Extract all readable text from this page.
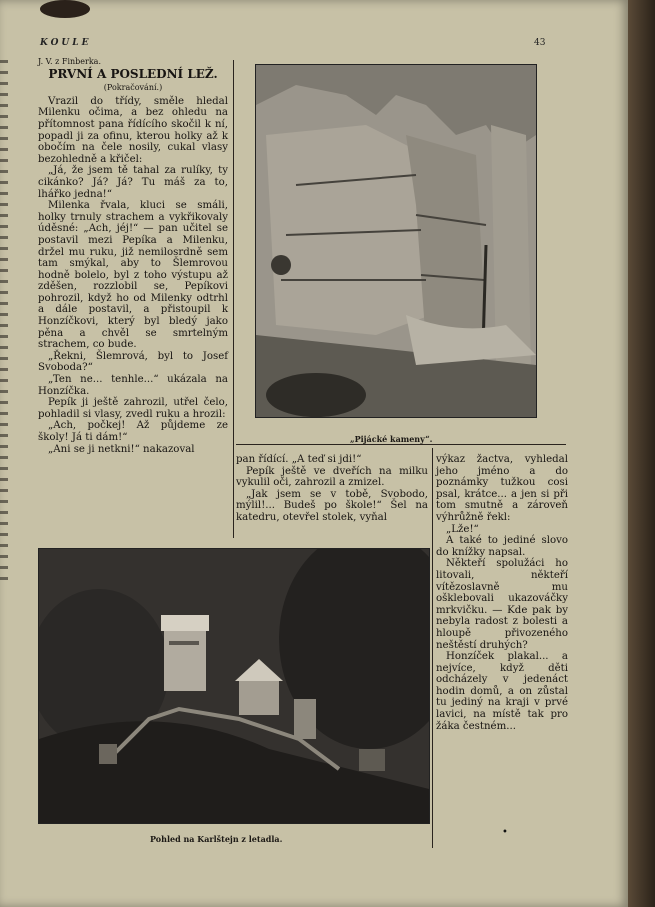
KOULE	43
J. V. z Finberka.
PRVNÍ A POSLEDNÍ LEŽ.
(Pokračování.)

Vrazil do třídy, směle hledal Milenku očima, a bez ohledu na přítomnost pana řídícího skočil k ní, popadl ji za ofinu, kterou holky až k obočím na čele nosily, cukal vlasy bezohledně a křičel:

„Já, že jsem tě tahal za rulíky, ty cikánko? Já? Já? Tu máš za to, lhářko jedna!“

Milenka řvala, kluci se smáli, holky trnuly strachem a vykřikovaly úděsné: „Ach, jéj!“ — pan učitel se postavil mezi Pepíka a Milenku, držel mu ruku, již nemilosrdně sem tam smýkal, aby to Šlemrovou hodně bolelo, byl z toho výstupu až zděšen, rozzlobil se, Pepíkovi pohrozil, když ho od Milenky odtrhl a dále postavil, a přistoupil k Honzíčkovi, který byl bledý jako pěna a chvěl se smrtelným strachem, co bude.

„Řekni, Šlemrová, byl to Josef Svoboda?“

„Ten ne... tenhle...“ ukázala na Honzíčka.

Pepík ji ještě zahrozil, utřel čelo, pohladil si vlasy, zvedl ruku a hrozil:

„Ach, počkej! Až půjdeme ze školy! Já ti dám!“

„Ani se ji netkni!“ nakazoval

„Pijácké kameny“.

pan řídící. „A teď si jdi!“

Pepík ještě ve dveřích na milku vykulil oči, zahrozil a zmizel.

„Jak jsem se v tobě, Svobodo, mýlil!... Budeš po škole!“ Šel na katedru, otevřel stolek, vyňal

výkaz žactva, vyhledal jeho jméno a do poznámky tužkou cosi psal, krátce... a jen si při tom smutně a zároveň výhrůžně řekl:

„Lže!“

A také to jediné slovo do knížky napsal.

Někteří spolužáci ho litovali, někteří vítězoslavně mu ošklebovali ukazováčky mrkvičku. — Kde pak by nebyla radost z bolesti a hloupě přivozeného neštěstí druhých?

Honzíček plakal... a nejvíce, když děti odcházely v jedenáct hodin domů, a on zůstal tu jediný na kraji v prvé lavici, na místě tak pro žáka čestném...

Pohled na Karlštejn z letadla.
•
